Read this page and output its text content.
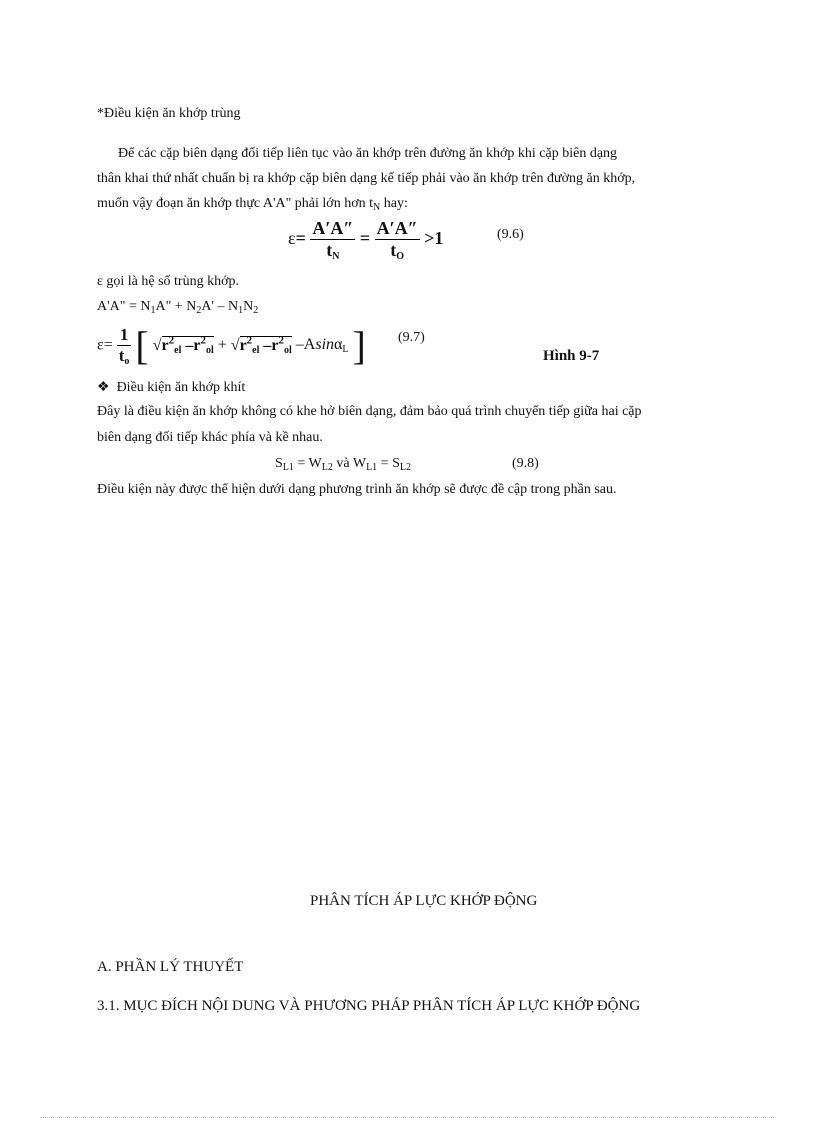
*Điều kiện ăn khớp trùng
Để các cặp biên dạng đối tiếp liên tục vào ăn khớp trên đường ăn khớp khi cặp biên dạng
thân khai thứ nhất chuẩn bị ra khớp cặp biên dạng kế tiếp phải vào ăn khớp trên đường ăn khớp,
muốn vậy đoạn ăn khớp thực A'A" phải lớn hơn $t_N$ hay:
$\varepsilon= \frac{A'A''}{t_N} = \frac{A'A''}{t_O} >1$	(9.6)
ε gọi là hệ số trùng khớp.
A'A" = $N_1A$" + $N_2A' - N_1N_2$
$\varepsilon= \frac{1}{t_o}$ [ $√r^2_{el}$ $-r^2_{ol} + √r^2_{el}$ $-r^2_{ol}$ –Asinα$_L$ ] (9.7)
Hình 9-7
❖ Điều kiện ăn khớp khít
Đây là điều kiện ăn khớp không có khe hở biên dạng, đảm bảo quá trình chuyển tiếp giữa hai cặp
biên dạng đối tiếp khác phía và kề nhau.
$S_{L1} = W_{L2}$ và $W_{L1} = S_{L2}$	(9.8)
Điều kiện này được thể hiện dưới dạng phương trình ăn khớp sẽ được đề cập trong phần sau.
PHÂN TÍCH ÁP LỰC KHỚP ĐỘNG
A. PHẦN LÝ THUYẾT
3.1. MỤC ĐÍCH NỘI DUNG VÀ PHƯƠNG PHÁP PHÂN TÍCH ÁP LỰC KHỚP ĐỘNG
